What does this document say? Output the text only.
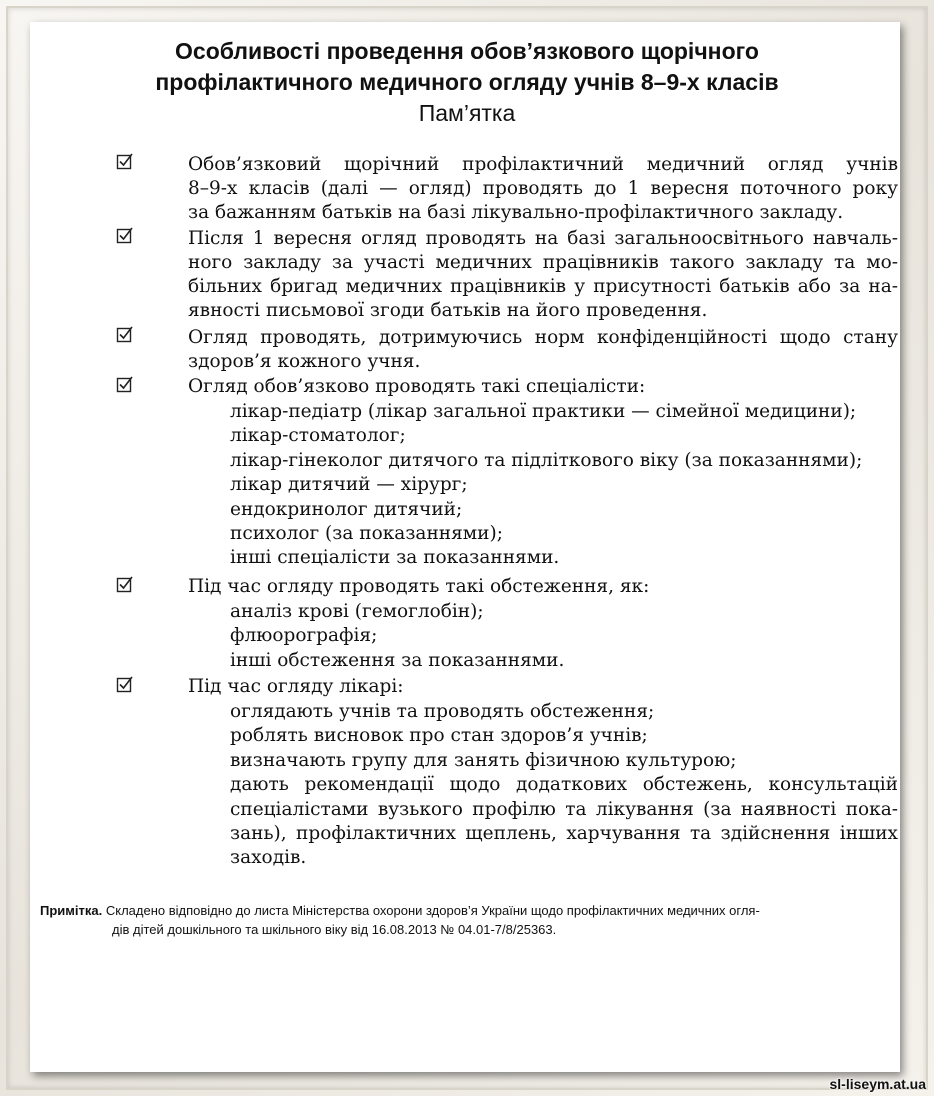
Особливості проведення обов’язкового щорічного
профілактичного медичного огляду учнів 8–9-х класів
Пам’ятка
Обов’язковий щорічний профілактичний медичний огляд учнів
8–9-х класів (далі — огляд) проводять до 1 вересня поточного року
за бажанням батьків на базі лікувально-профілактичного закладу.
Після 1 вересня огляд проводять на базі загальноосвітнього навчаль-
ного закладу за участі медичних працівників такого закладу та мо-
більних бригад медичних працівників у присутності батьків або за на-
явності письмової згоди батьків на його проведення.
Огляд проводять, дотримуючись норм конфіденційності щодо стану
здоров’я кожного учня.
Огляд обов’язково проводять такі спеціалісти:
лікар-педіатр (лікар загальної практики — сімейної медицини);
лікар-стоматолог;
лікар-гінеколог дитячого та підліткового віку (за показаннями);
лікар дитячий — хірург;
ендокринолог дитячий;
психолог (за показаннями);
інші спеціалісти за показаннями.
Під час огляду проводять такі обстеження, як:
аналіз крові (гемоглобін);
флюорографія;
інші обстеження за показаннями.
Під час огляду лікарі:
оглядають учнів та проводять обстеження;
роблять висновок про стан здоров’я учнів;
визначають групу для занять фізичною культурою;
дають рекомендації щодо додаткових обстежень, консультацій
спеціалістами вузького профілю та лікування (за наявності пока-
зань), профілактичних щеплень, харчування та здійснення інших
заходів.
Примітка. Складено відповідно до листа Міністерства охорони здоров’я України щодо профілактичних медичних огля-
дів дітей дошкільного та шкільного віку від 16.08.2013 № 04.01-7/8/25363.
sl-liseym.at.ua
